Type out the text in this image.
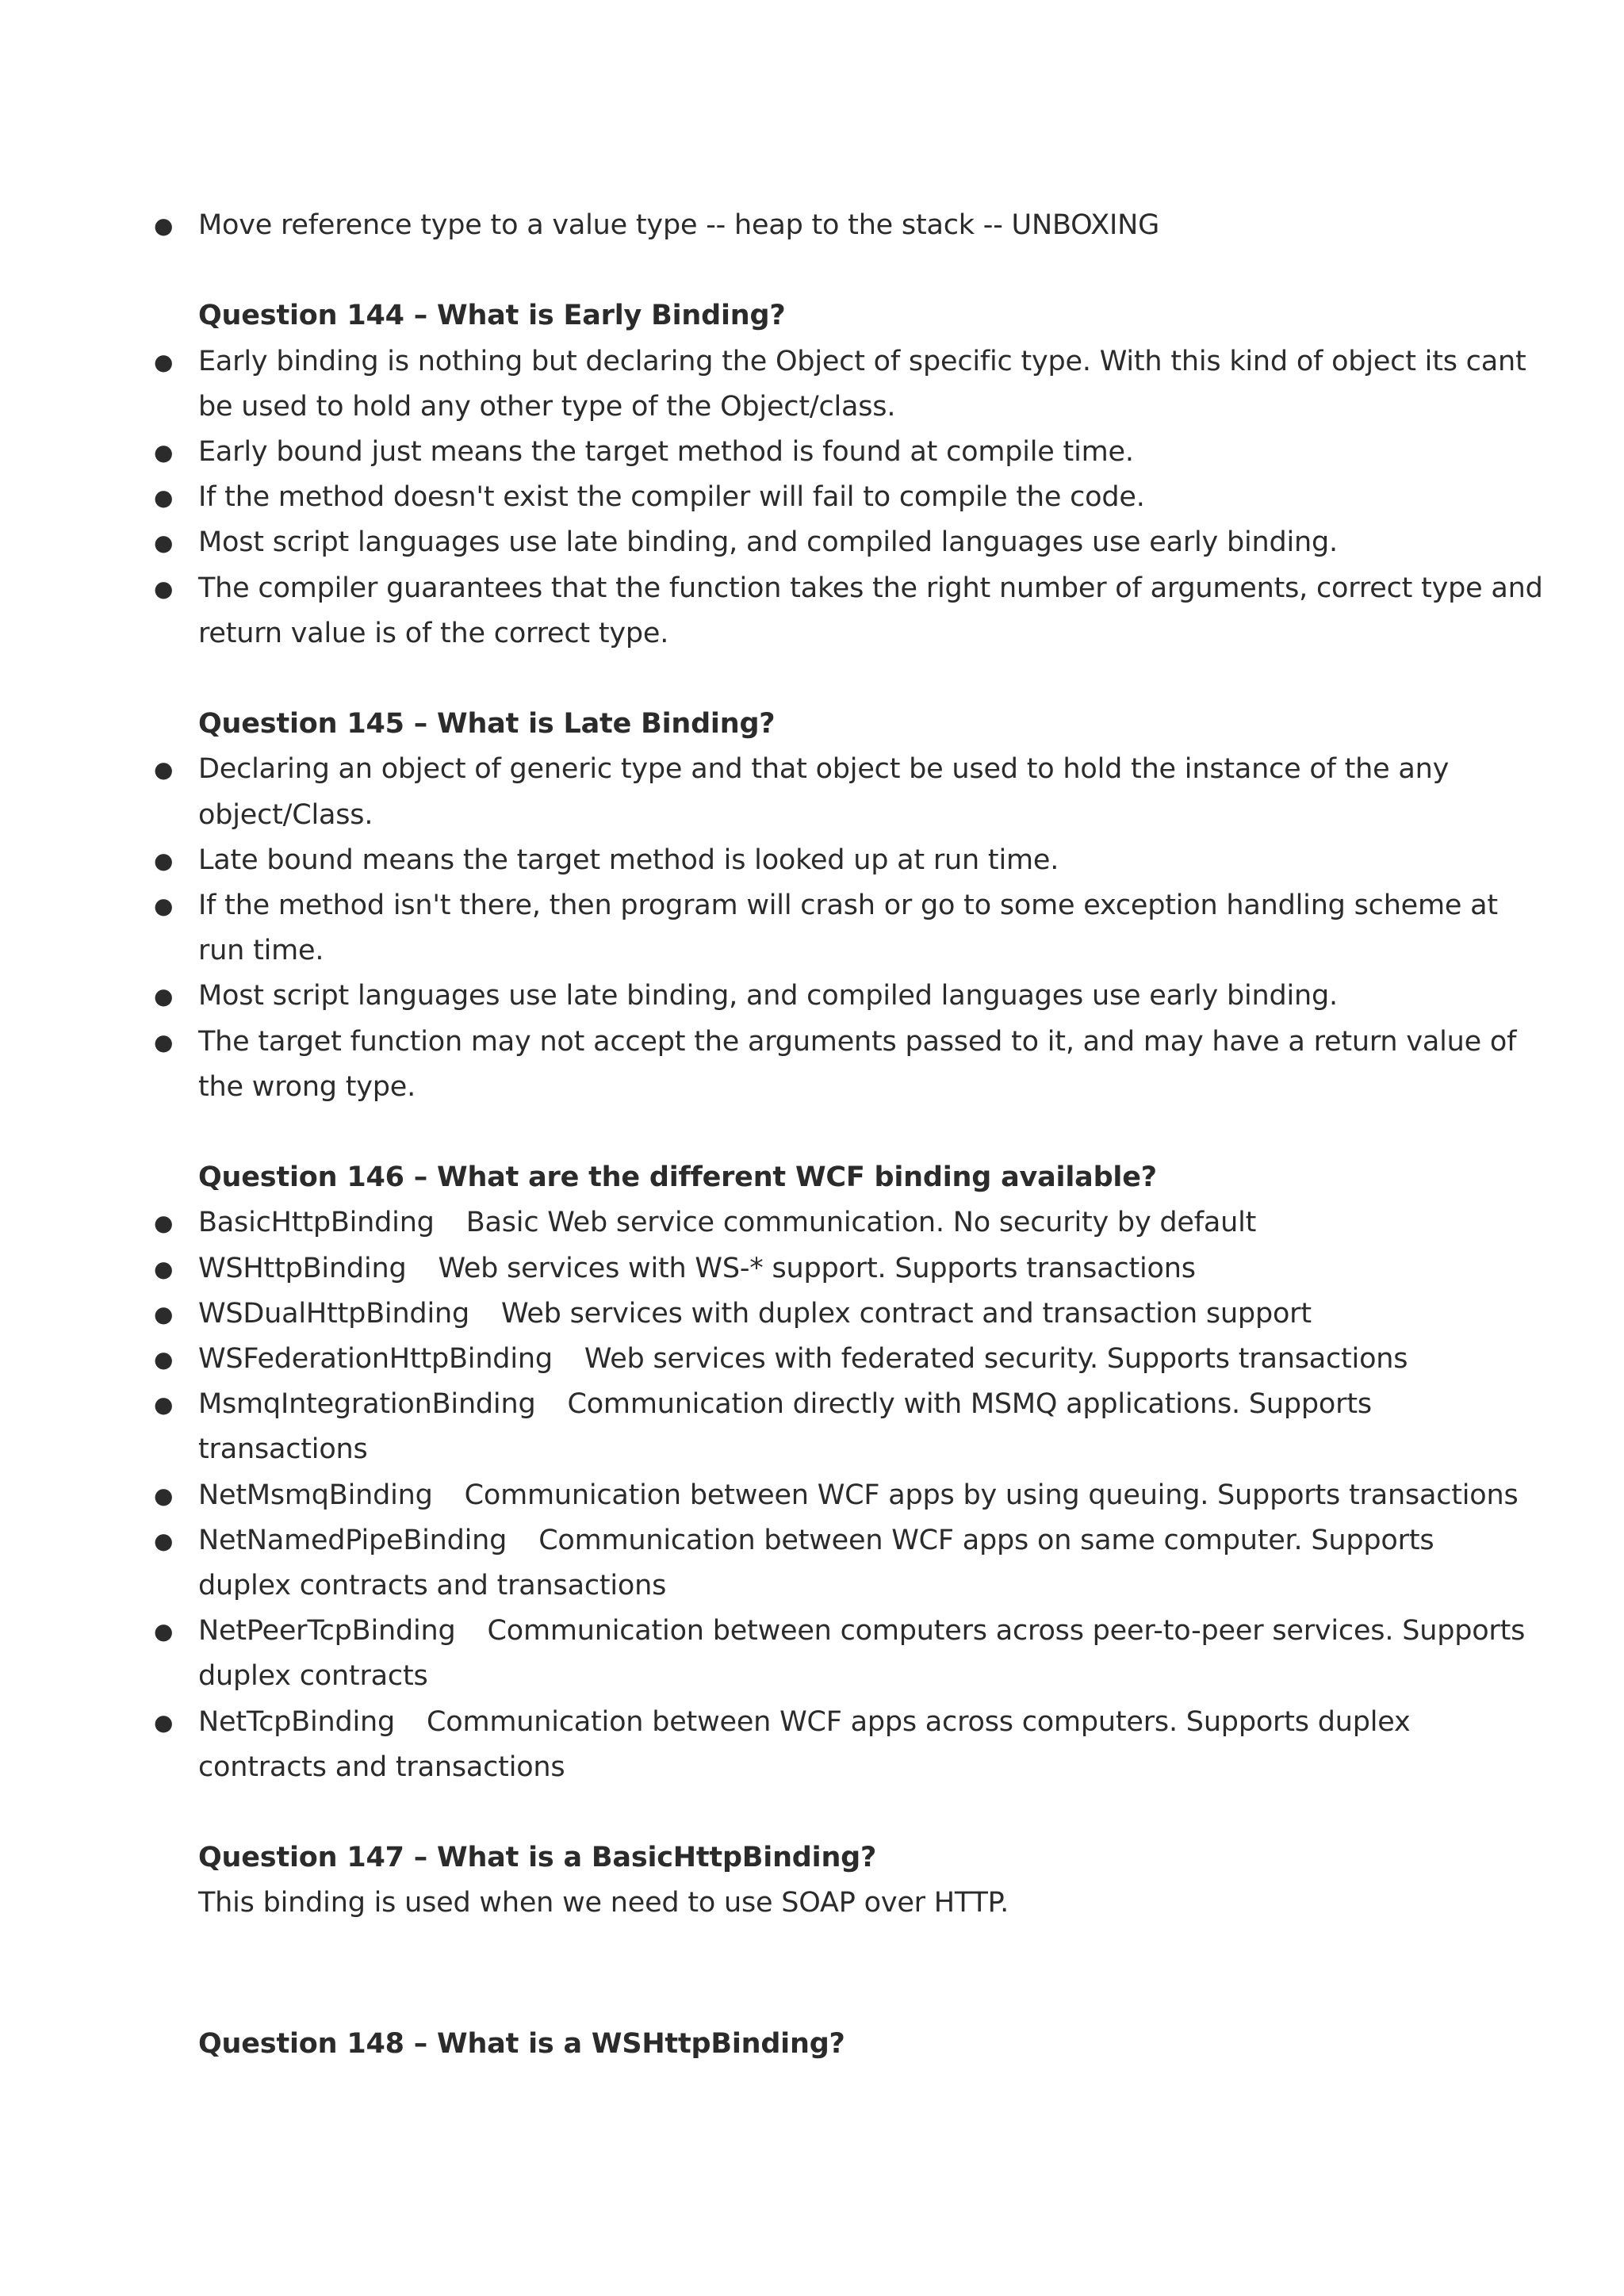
● Move reference type to a value type -- heap to the stack -- UNBOXING
Question 144 – What is Early Binding?
● Early binding is nothing but declaring the Object of specific type. With this kind of object its cant
be used to hold any other type of the Object/class.
● Early bound just means the target method is found at compile time.
● If the method doesn't exist the compiler will fail to compile the code.
● Most script languages use late binding, and compiled languages use early binding.
● The compiler guarantees that the function takes the right number of arguments, correct type and
return value is of the correct type.
Question 145 – What is Late Binding?
● Declaring an object of generic type and that object be used to hold the instance of the any
object/Class.
● Late bound means the target method is looked up at run time.
● If the method isn't there, then program will crash or go to some exception handling scheme at
run time.
● Most script languages use late binding, and compiled languages use early binding.
● The target function may not accept the arguments passed to it, and may have a return value of
the wrong type.
Question 146 – What are the different WCF binding available?
● BasicHttpBinding Basic Web service communication. No security by default
● WSHttpBinding Web services with WS-* support. Supports transactions
● WSDualHttpBinding Web services with duplex contract and transaction support
● WSFederationHttpBinding Web services with federated security. Supports transactions
● MsmqIntegrationBinding Communication directly with MSMQ applications. Supports
transactions
● NetMsmqBinding Communication between WCF apps by using queuing. Supports transactions
● NetNamedPipeBinding Communication between WCF apps on same computer. Supports
duplex contracts and transactions
● NetPeerTcpBinding Communication between computers across peer-to-peer services. Supports
duplex contracts
● NetTcpBinding Communication between WCF apps across computers. Supports duplex
contracts and transactions
Question 147 – What is a BasicHttpBinding?
This binding is used when we need to use SOAP over HTTP.
Question 148 – What is a WSHttpBinding?
